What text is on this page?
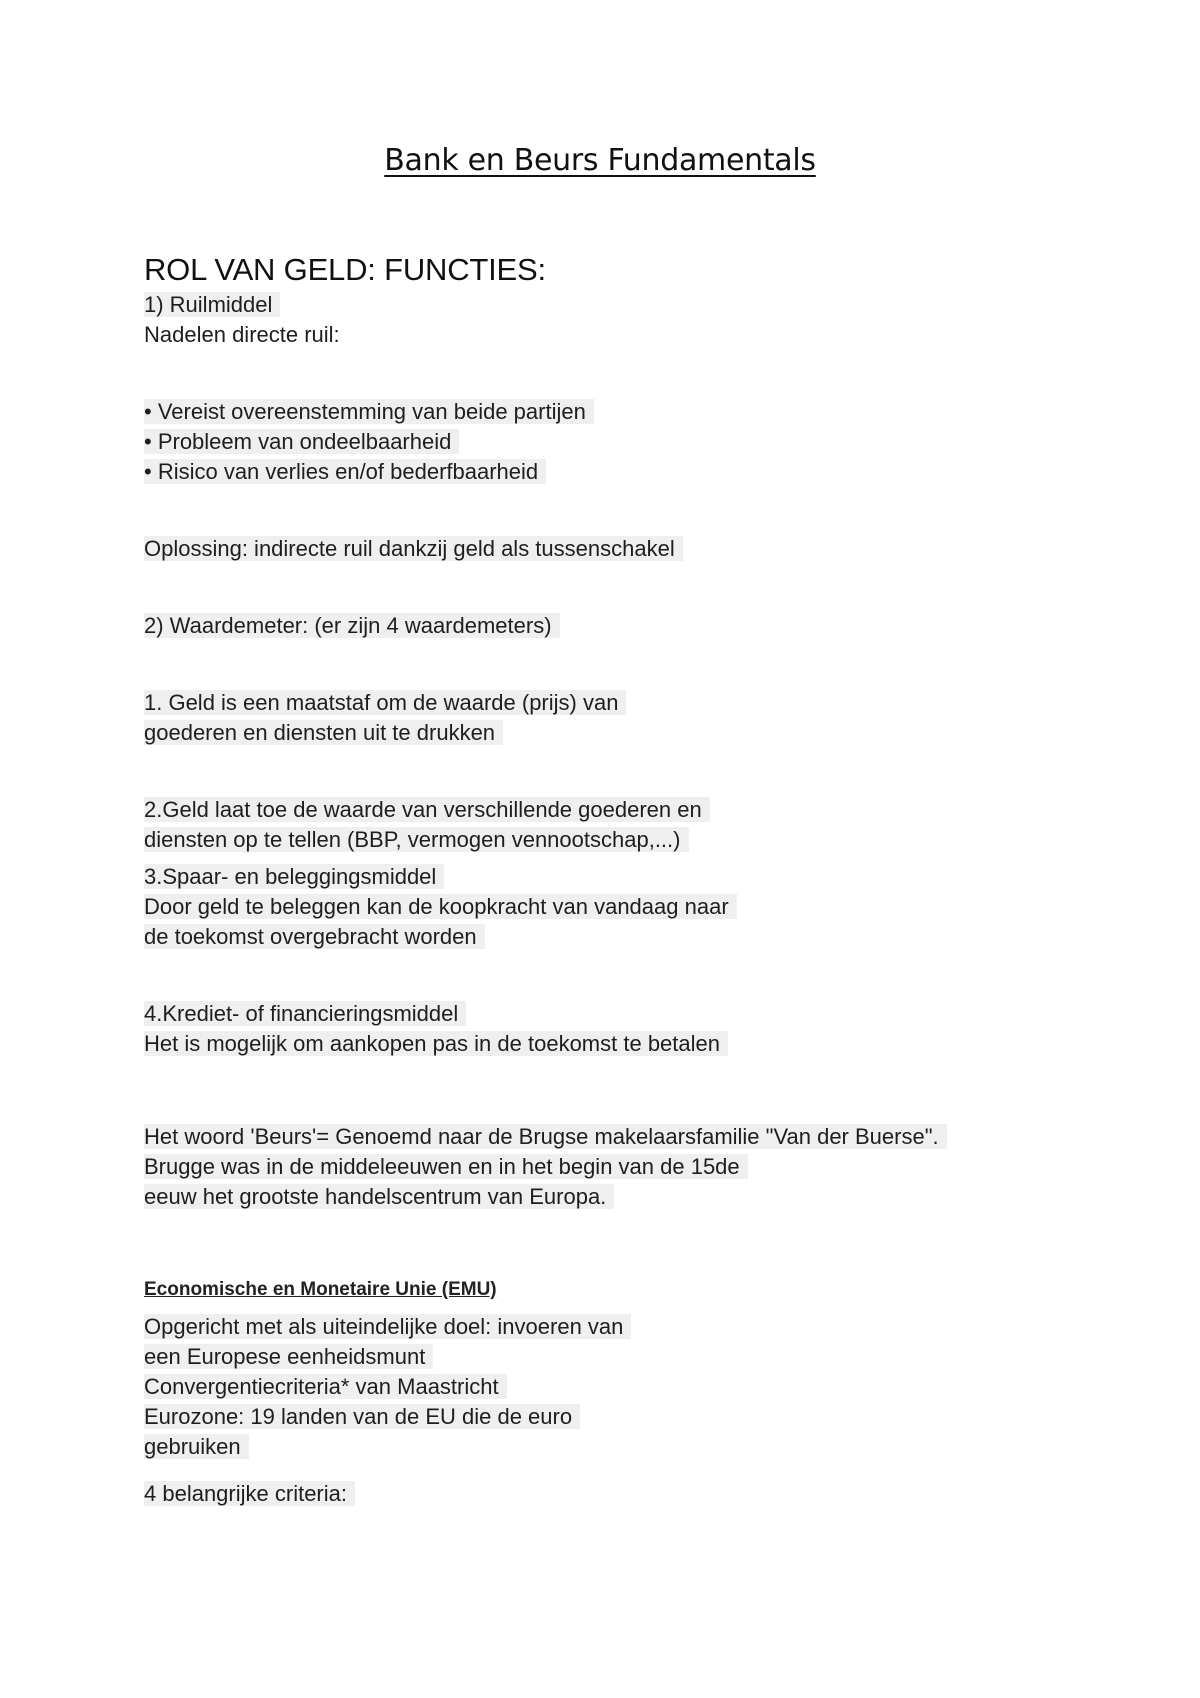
Bank en Beurs Fundamentals
ROL VAN GELD: FUNCTIES:
1) Ruilmiddel
Nadelen directe ruil:
• Vereist overeenstemming van beide partijen
• Probleem van ondeelbaarheid
• Risico van verlies en/of bederfbaarheid
Oplossing: indirecte ruil dankzij geld als tussenschakel
2) Waardemeter: (er zijn 4 waardemeters)
1. Geld is een maatstaf om de waarde (prijs) van
goederen en diensten uit te drukken
2.Geld laat toe de waarde van verschillende goederen en
diensten op te tellen (BBP, vermogen vennootschap,...)
3.Spaar- en beleggingsmiddel
Door geld te beleggen kan de koopkracht van vandaag naar
de toekomst overgebracht worden
4.Krediet- of financieringsmiddel
Het is mogelijk om aankopen pas in de toekomst te betalen
Het woord 'Beurs'= Genoemd naar de Brugse makelaarsfamilie "Van der Buerse".
Brugge was in de middeleeuwen en in het begin van de 15de
eeuw het grootste handelscentrum van Europa.
Economische en Monetaire Unie (EMU)
Opgericht met als uiteindelijke doel: invoeren van
een Europese eenheidsmunt
Convergentiecriteria* van Maastricht
Eurozone: 19 landen van de EU die de euro
gebruiken
4 belangrijke criteria:
